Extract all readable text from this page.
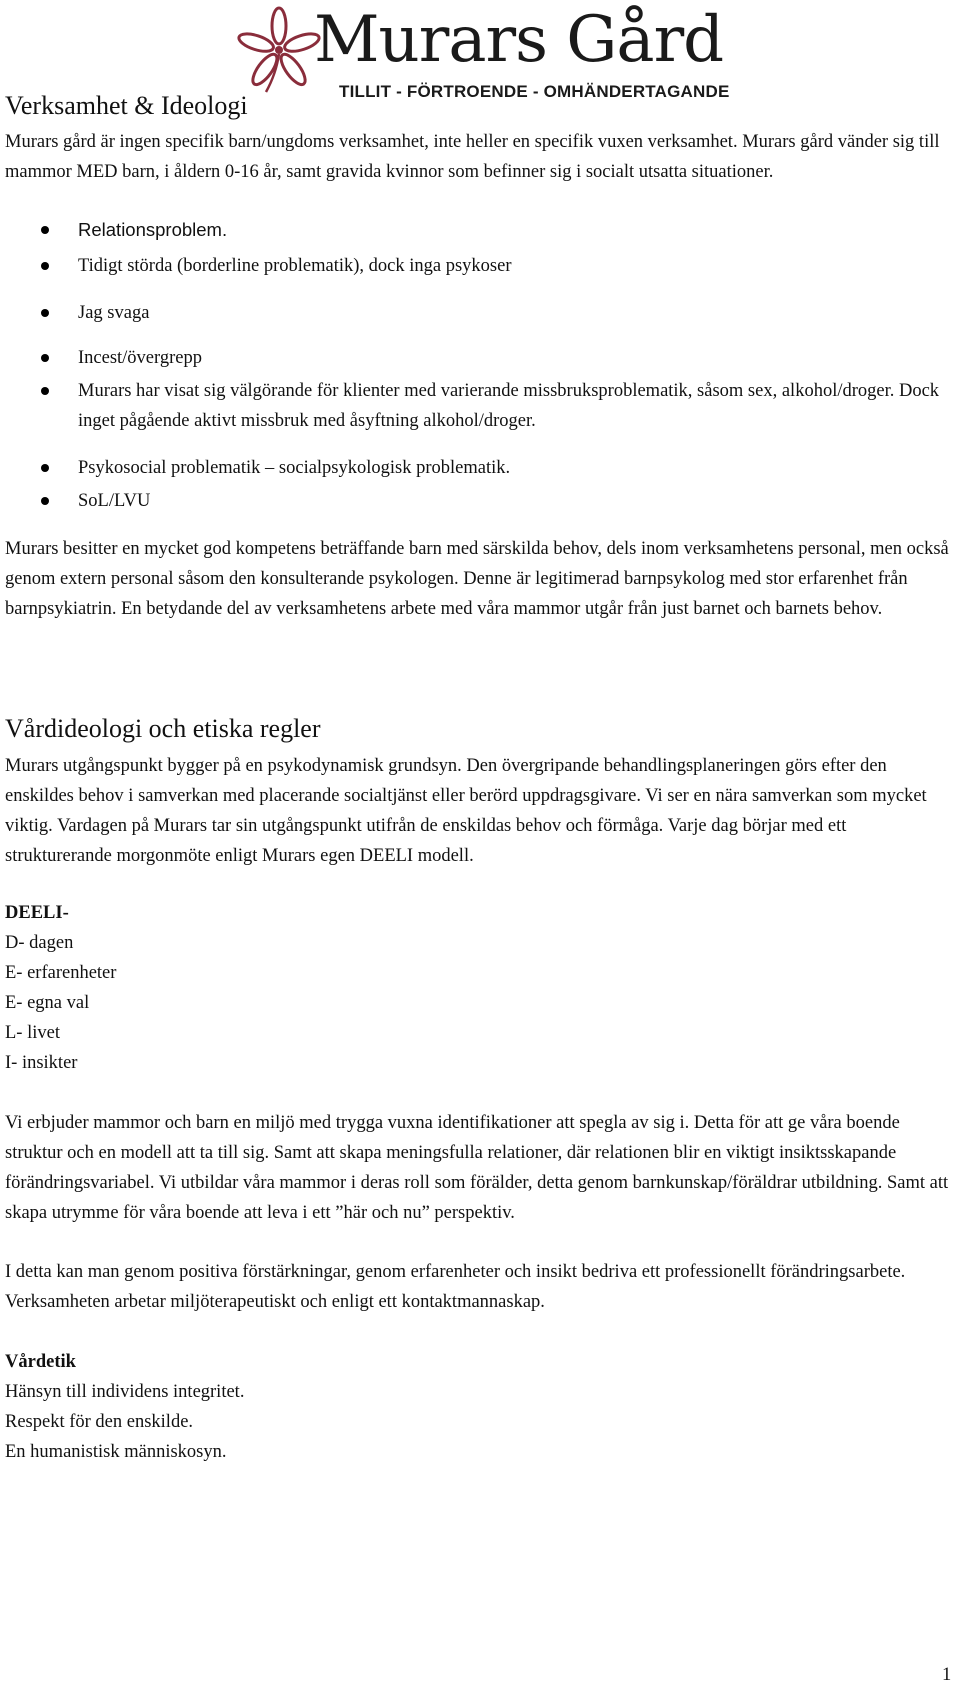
Murars Gård
TILLIT - FÖRTROENDE - OMHÄNDERTAGANDE
Verksamhet & Ideologi

Murars gård är ingen specifik barn/ungdoms verksamhet, inte heller en specifik vuxen verksamhet. Murars gård vänder sig till mammor MED barn, i åldern 0-16 år, samt gravida kvinnor som befinner sig i socialt utsatta situationer.

Relationsproblem.
Tidigt störda (borderline problematik), dock inga psykoser
Jag svaga
Incest/övergrepp
Murars har visat sig välgörande för klienter med varierande missbruksproblematik, såsom sex, alkohol/droger. Dock inget pågående aktivt missbruk med åsyftning alkohol/droger.
Psykosocial problematik – socialpsykologisk problematik.
SoL/LVU

Murars besitter en mycket god kompetens beträffande barn med särskilda behov, dels inom verksamhetens personal, men också genom extern personal såsom den konsulterande psykologen. Denne är legitimerad barnpsykolog med stor erfarenhet från barnpsykiatrin. En betydande del av verksamhetens arbete med våra mammor utgår från just barnet och barnets behov.

Vårdideologi och etiska regler

Murars utgångspunkt bygger på en psykodynamisk grundsyn. Den övergripande behandlingsplaneringen görs efter den enskildes behov i samverkan med placerande socialtjänst eller berörd uppdragsgivare. Vi ser en nära samverkan som mycket viktig. Vardagen på Murars tar sin utgångspunkt utifrån de enskildas behov och förmåga. Varje dag börjar med ett strukturerande morgonmöte enligt Murars egen DEELI modell.

DEELI-
D- dagen
E- erfarenheter
E- egna val
L- livet
I- insikter

Vi erbjuder mammor och barn en miljö med trygga vuxna identifikationer att spegla av sig i. Detta för att ge våra boende struktur och en modell att ta till sig. Samt att skapa meningsfulla relationer, där relationen blir en viktigt insiktsskapande förändringsvariabel. Vi utbildar våra mammor i deras roll som förälder, detta genom barnkunskap/föräldrar utbildning. Samt att skapa utrymme för våra boende att leva i ett ”här och nu” perspektiv.

I detta kan man genom positiva förstärkningar, genom erfarenheter och insikt bedriva ett professionellt förändringsarbete. Verksamheten arbetar miljöterapeutiskt och enligt ett kontaktmannaskap.

Vårdetik
Hänsyn till individens integritet.
Respekt för den enskilde.
En humanistisk människosyn.
1
